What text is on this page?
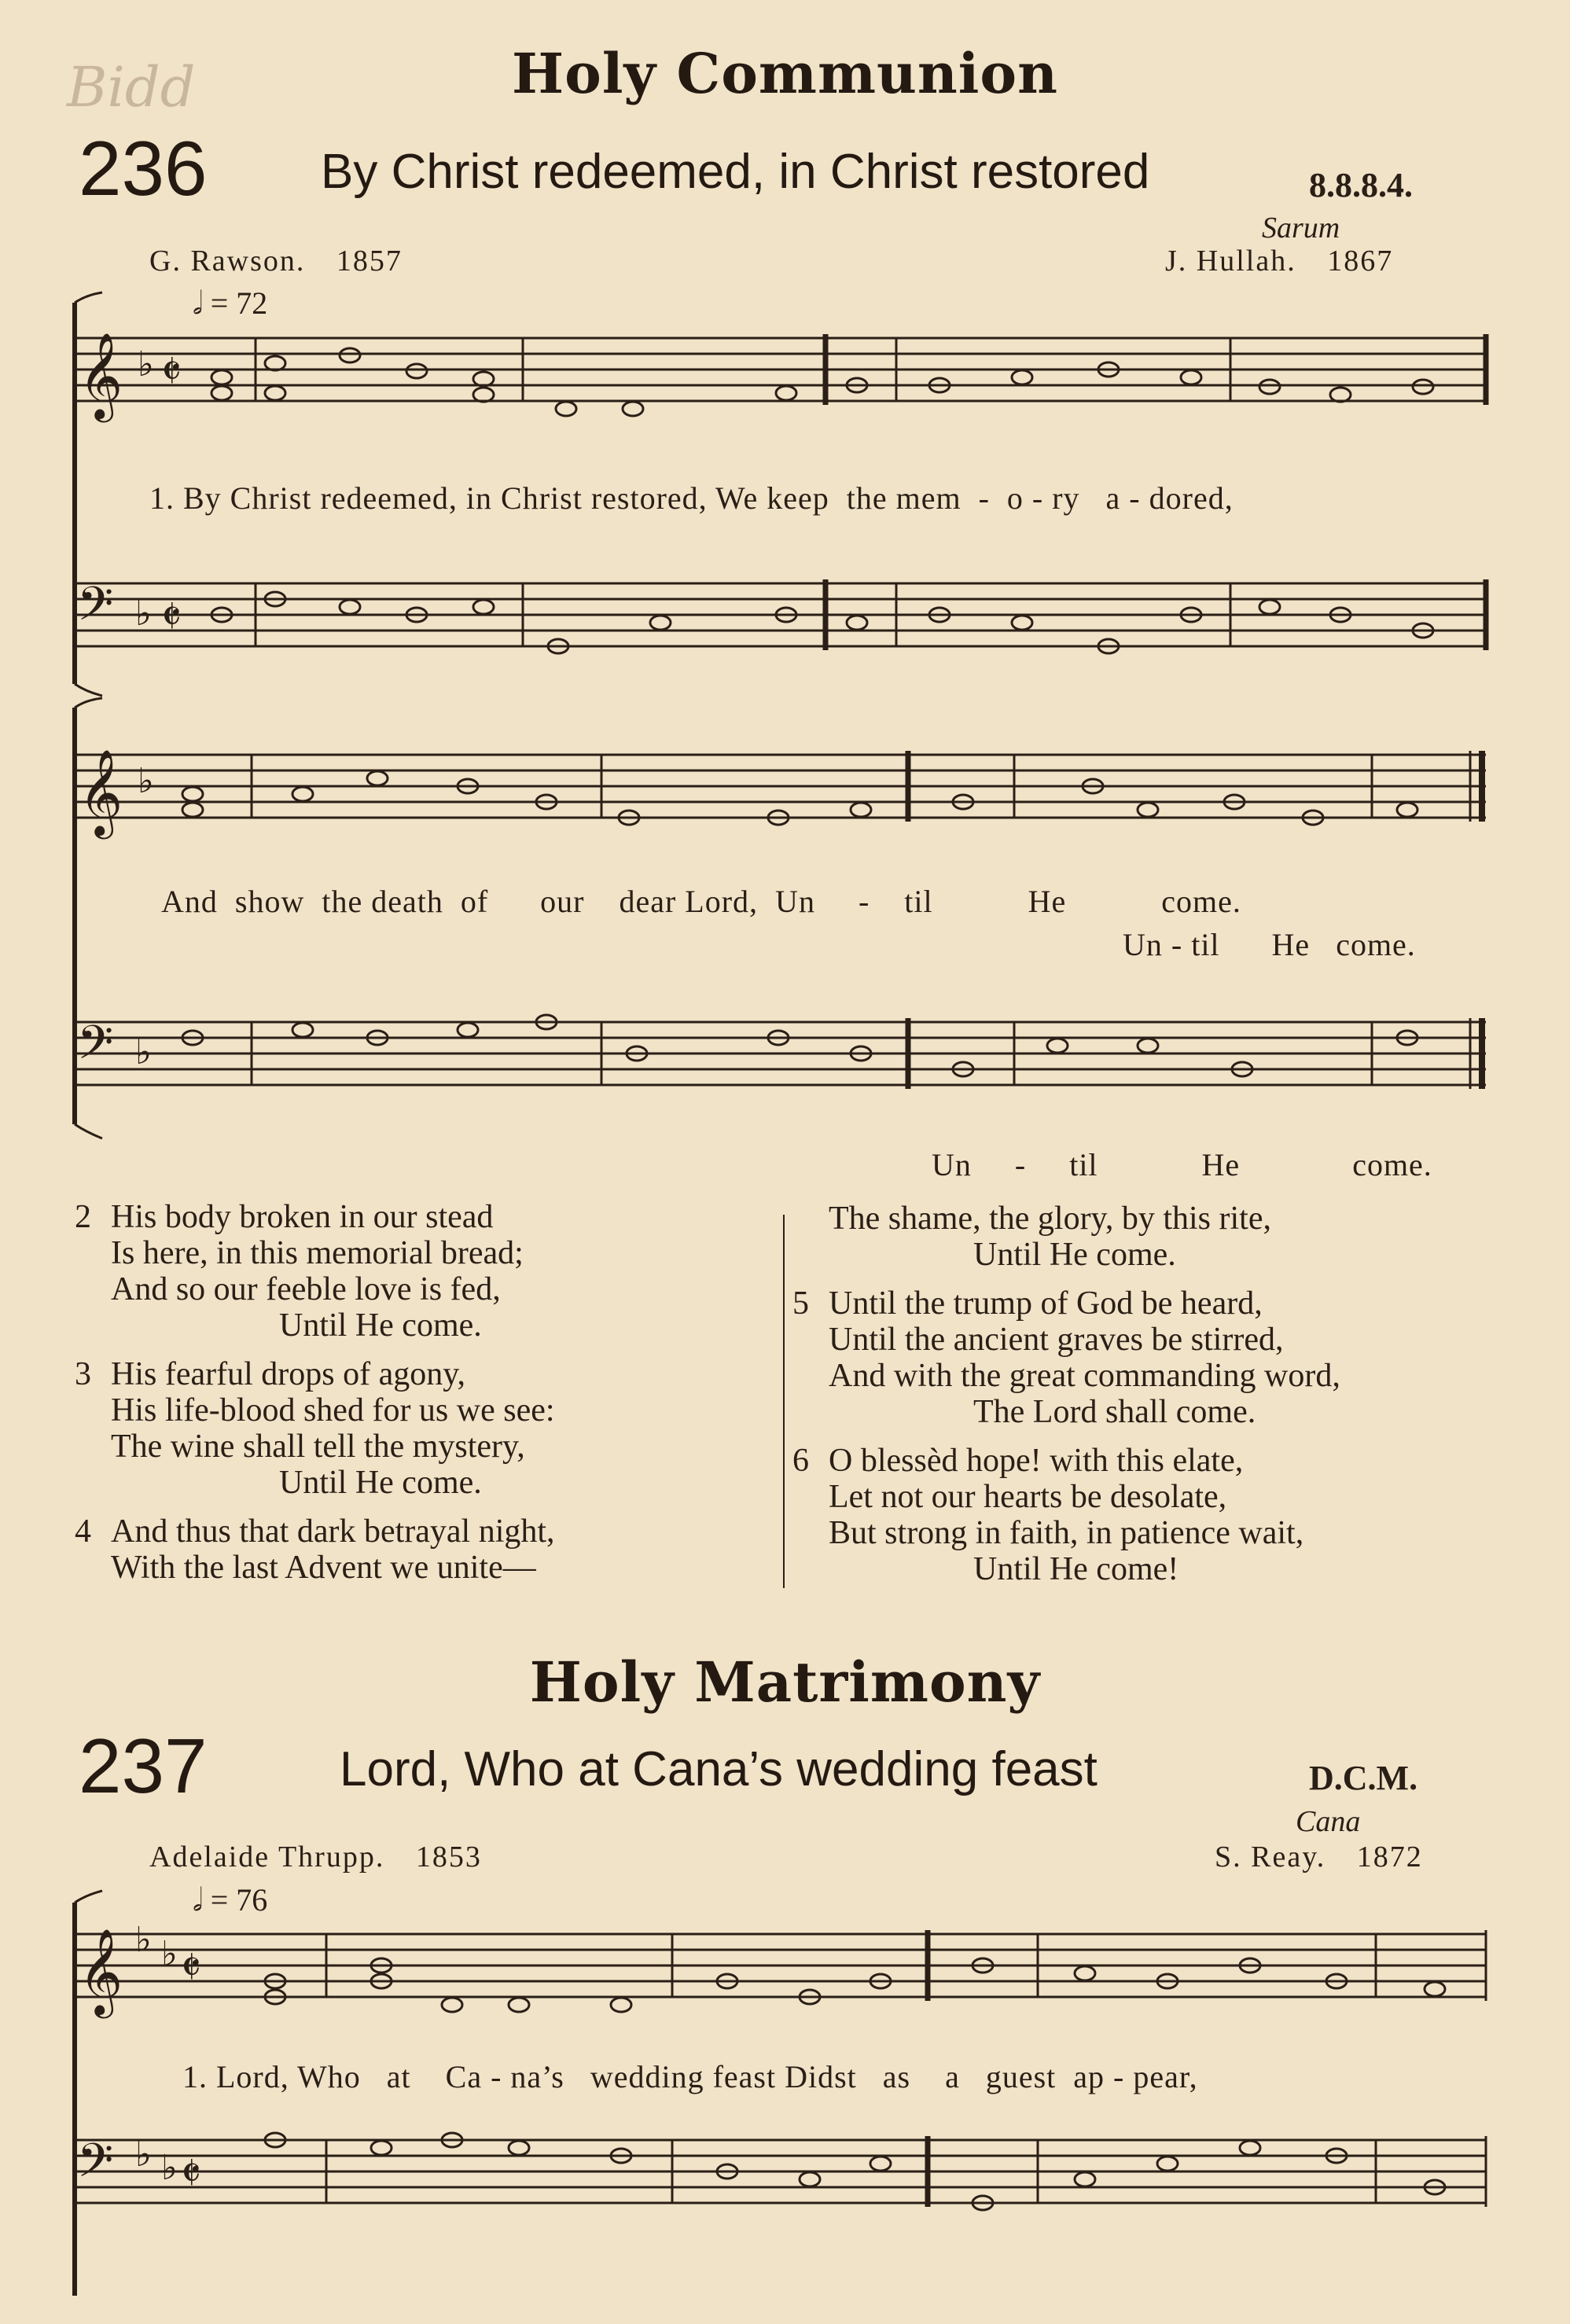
Bidd	Holy Communion
236 By Christ redeemed, in Christ restored	8.8.8.4.
Sarum
G. Rawson. 1857	J. Hullah. 1867
𝅗𝅥 = 72
𝄞
𝄢
♭
♭
𝄵
𝄵
𝄞
𝄢
♭
♭
𝄞
𝄢
♭ ♭
♭ ♭
𝄵
𝄵
1. By Christ redeemed, in Christ restored, We keep  the mem  -  o - ry   a - dored,
And  show  the death  of      our    dear Lord,  Un     -    til           He           come.
Un - til      He   come.
Un     -     til            He             come.
2 His body broken in our stead
Is here, in this memorial bread;
And so our feeble love is fed,
Until He come.
3 His fearful drops of agony,
His life-blood shed for us we see:
The wine shall tell the mystery,
Until He come.
4 And thus that dark betrayal night,
With the last Advent we unite—
The shame, the glory, by this rite,
Until He come.
5 Until the trump of God be heard,
Until the ancient graves be stirred,
And with the great commanding word,
The Lord shall come.
6 O blessèd hope! with this elate,
Let not our hearts be desolate,
But strong in faith, in patience wait,
Until He come!
Holy Matrimony
237	Lord, Who at Cana’s wedding feast	D.C.M.
Cana
Adelaide Thrupp. 1853	S. Reay. 1872
𝅗𝅥 = 76
1. Lord, Who   at    Ca - na’s   wedding feast Didst   as    a   guest  ap - pear,
